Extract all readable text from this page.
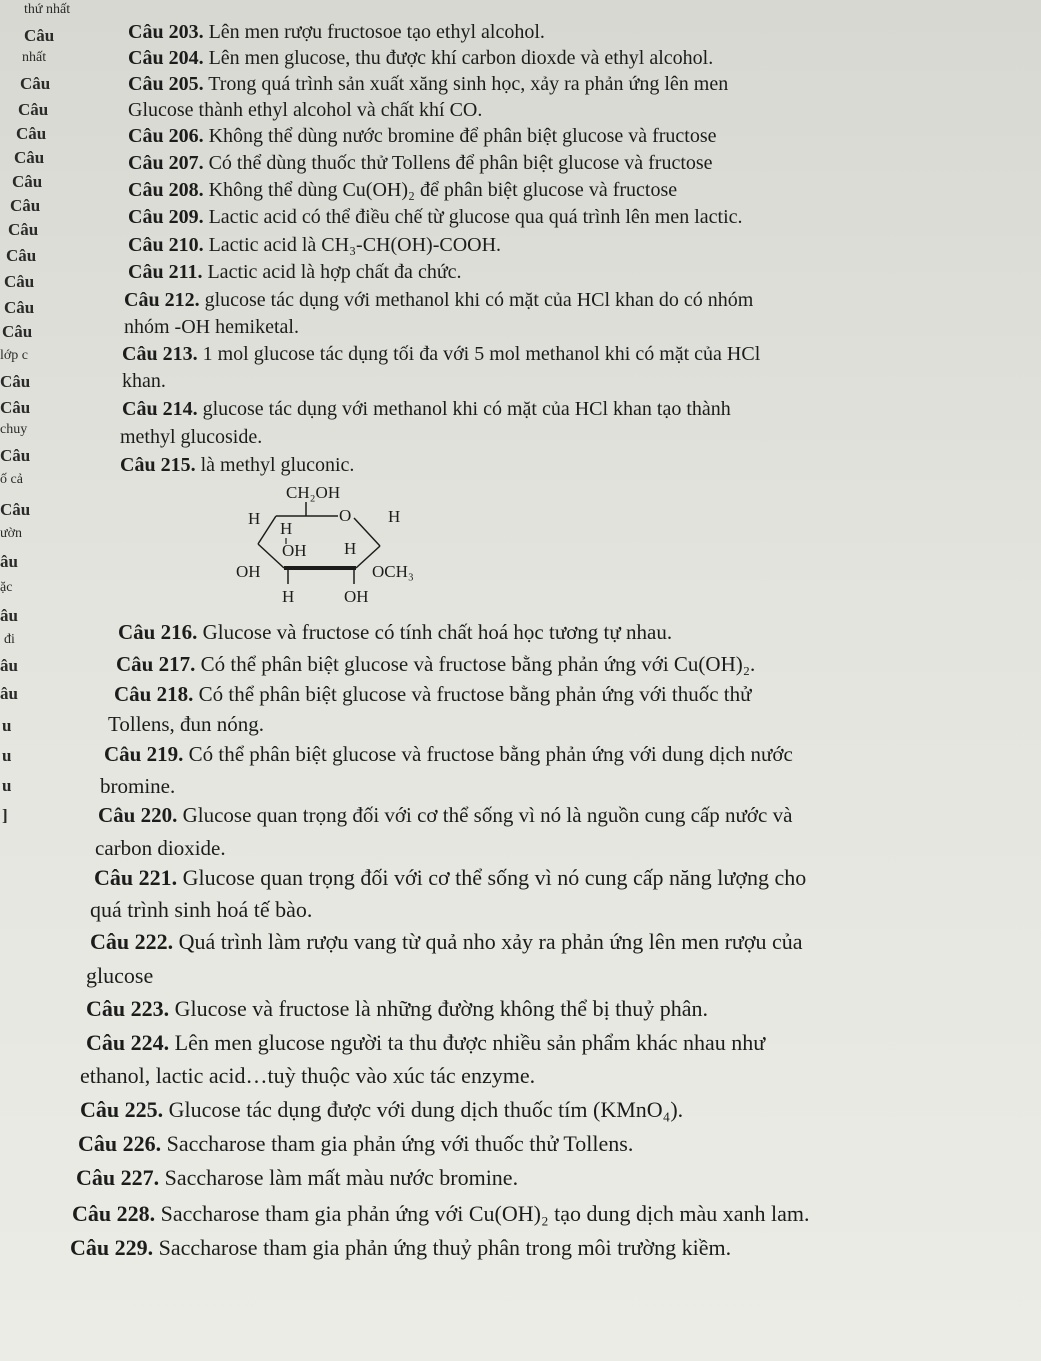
thứ nhất
Câu
nhất
Câu
Câu
Câu
Câu
Câu
Câu
Câu
Câu
Câu
Câu
Câu
lớp c
Câu
Câu
chuy
Câu
ố cả
Câu
ườn
âu
ặc
âu
đi
âu
âu
u
u
u
]
Câu 203. Lên men rượu fructosoe tạo ethyl alcohol.
Câu 204. Lên men glucose, thu được khí carbon dioxde và ethyl alcohol.
Câu 205. Trong quá trình sản xuất xăng sinh học, xảy ra phản ứng lên men
Glucose thành ethyl alcohol và chất khí CO.
Câu 206. Không thể dùng nước bromine để phân biệt glucose và fructose
Câu 207. Có thể dùng thuốc thử Tollens để phân biệt glucose và fructose
Câu 208. Không thể dùng Cu(OH)₂ để phân biệt glucose và fructose
Câu 209. Lactic acid có thể điều chế từ glucose qua quá trình lên men lactic.
Câu 210. Lactic acid là CH₃-CH(OH)-COOH.
Câu 211. Lactic acid là hợp chất đa chức.
Câu 212. glucose tác dụng với methanol khi có mặt của HCl khan do có nhóm
nhóm -OH hemiketal.
Câu 213. 1 mol glucose tác dụng tối đa với 5 mol methanol khi có mặt của HCl
khan.
Câu 214. glucose tác dụng với methanol khi có mặt của HCl khan tạo thành
methyl glucoside.
Câu 215. là methyl gluconic.
CH₂OH
O
H
H
OH H
H
OH	OCH₃
H	OH
Câu 216. Glucose và fructose có tính chất hoá học tương tự nhau.
Câu 217. Có thể phân biệt glucose và fructose bằng phản ứng với Cu(OH)₂.
Câu 218. Có thể phân biệt glucose và fructose bằng phản ứng với thuốc thử
Tollens, đun nóng.
Câu 219. Có thể phân biệt glucose và fructose bằng phản ứng với dung dịch nước
bromine.
Câu 220. Glucose quan trọng đối với cơ thể sống vì nó là nguồn cung cấp nước và
carbon dioxide.
Câu 221. Glucose quan trọng đối với cơ thể sống vì nó cung cấp năng lượng cho
quá trình sinh hoá tế bào.
Câu 222. Quá trình làm rượu vang từ quả nho xảy ra phản ứng lên men rượu của
glucose
Câu 223. Glucose và fructose là những đường không thể bị thuỷ phân.
Câu 224. Lên men glucose người ta thu được nhiều sản phẩm khác nhau như
ethanol, lactic acid…tuỳ thuộc vào xúc tác enzyme.
Câu 225. Glucose tác dụng được với dung dịch thuốc tím (KMnO₄).
Câu 226. Saccharose tham gia phản ứng với thuốc thử Tollens.
Câu 227. Saccharose làm mất màu nước bromine.
Câu 228. Saccharose tham gia phản ứng với Cu(OH)₂ tạo dung dịch màu xanh lam.
Câu 229. Saccharose tham gia phản ứng thuỷ phân trong môi trường kiềm.
